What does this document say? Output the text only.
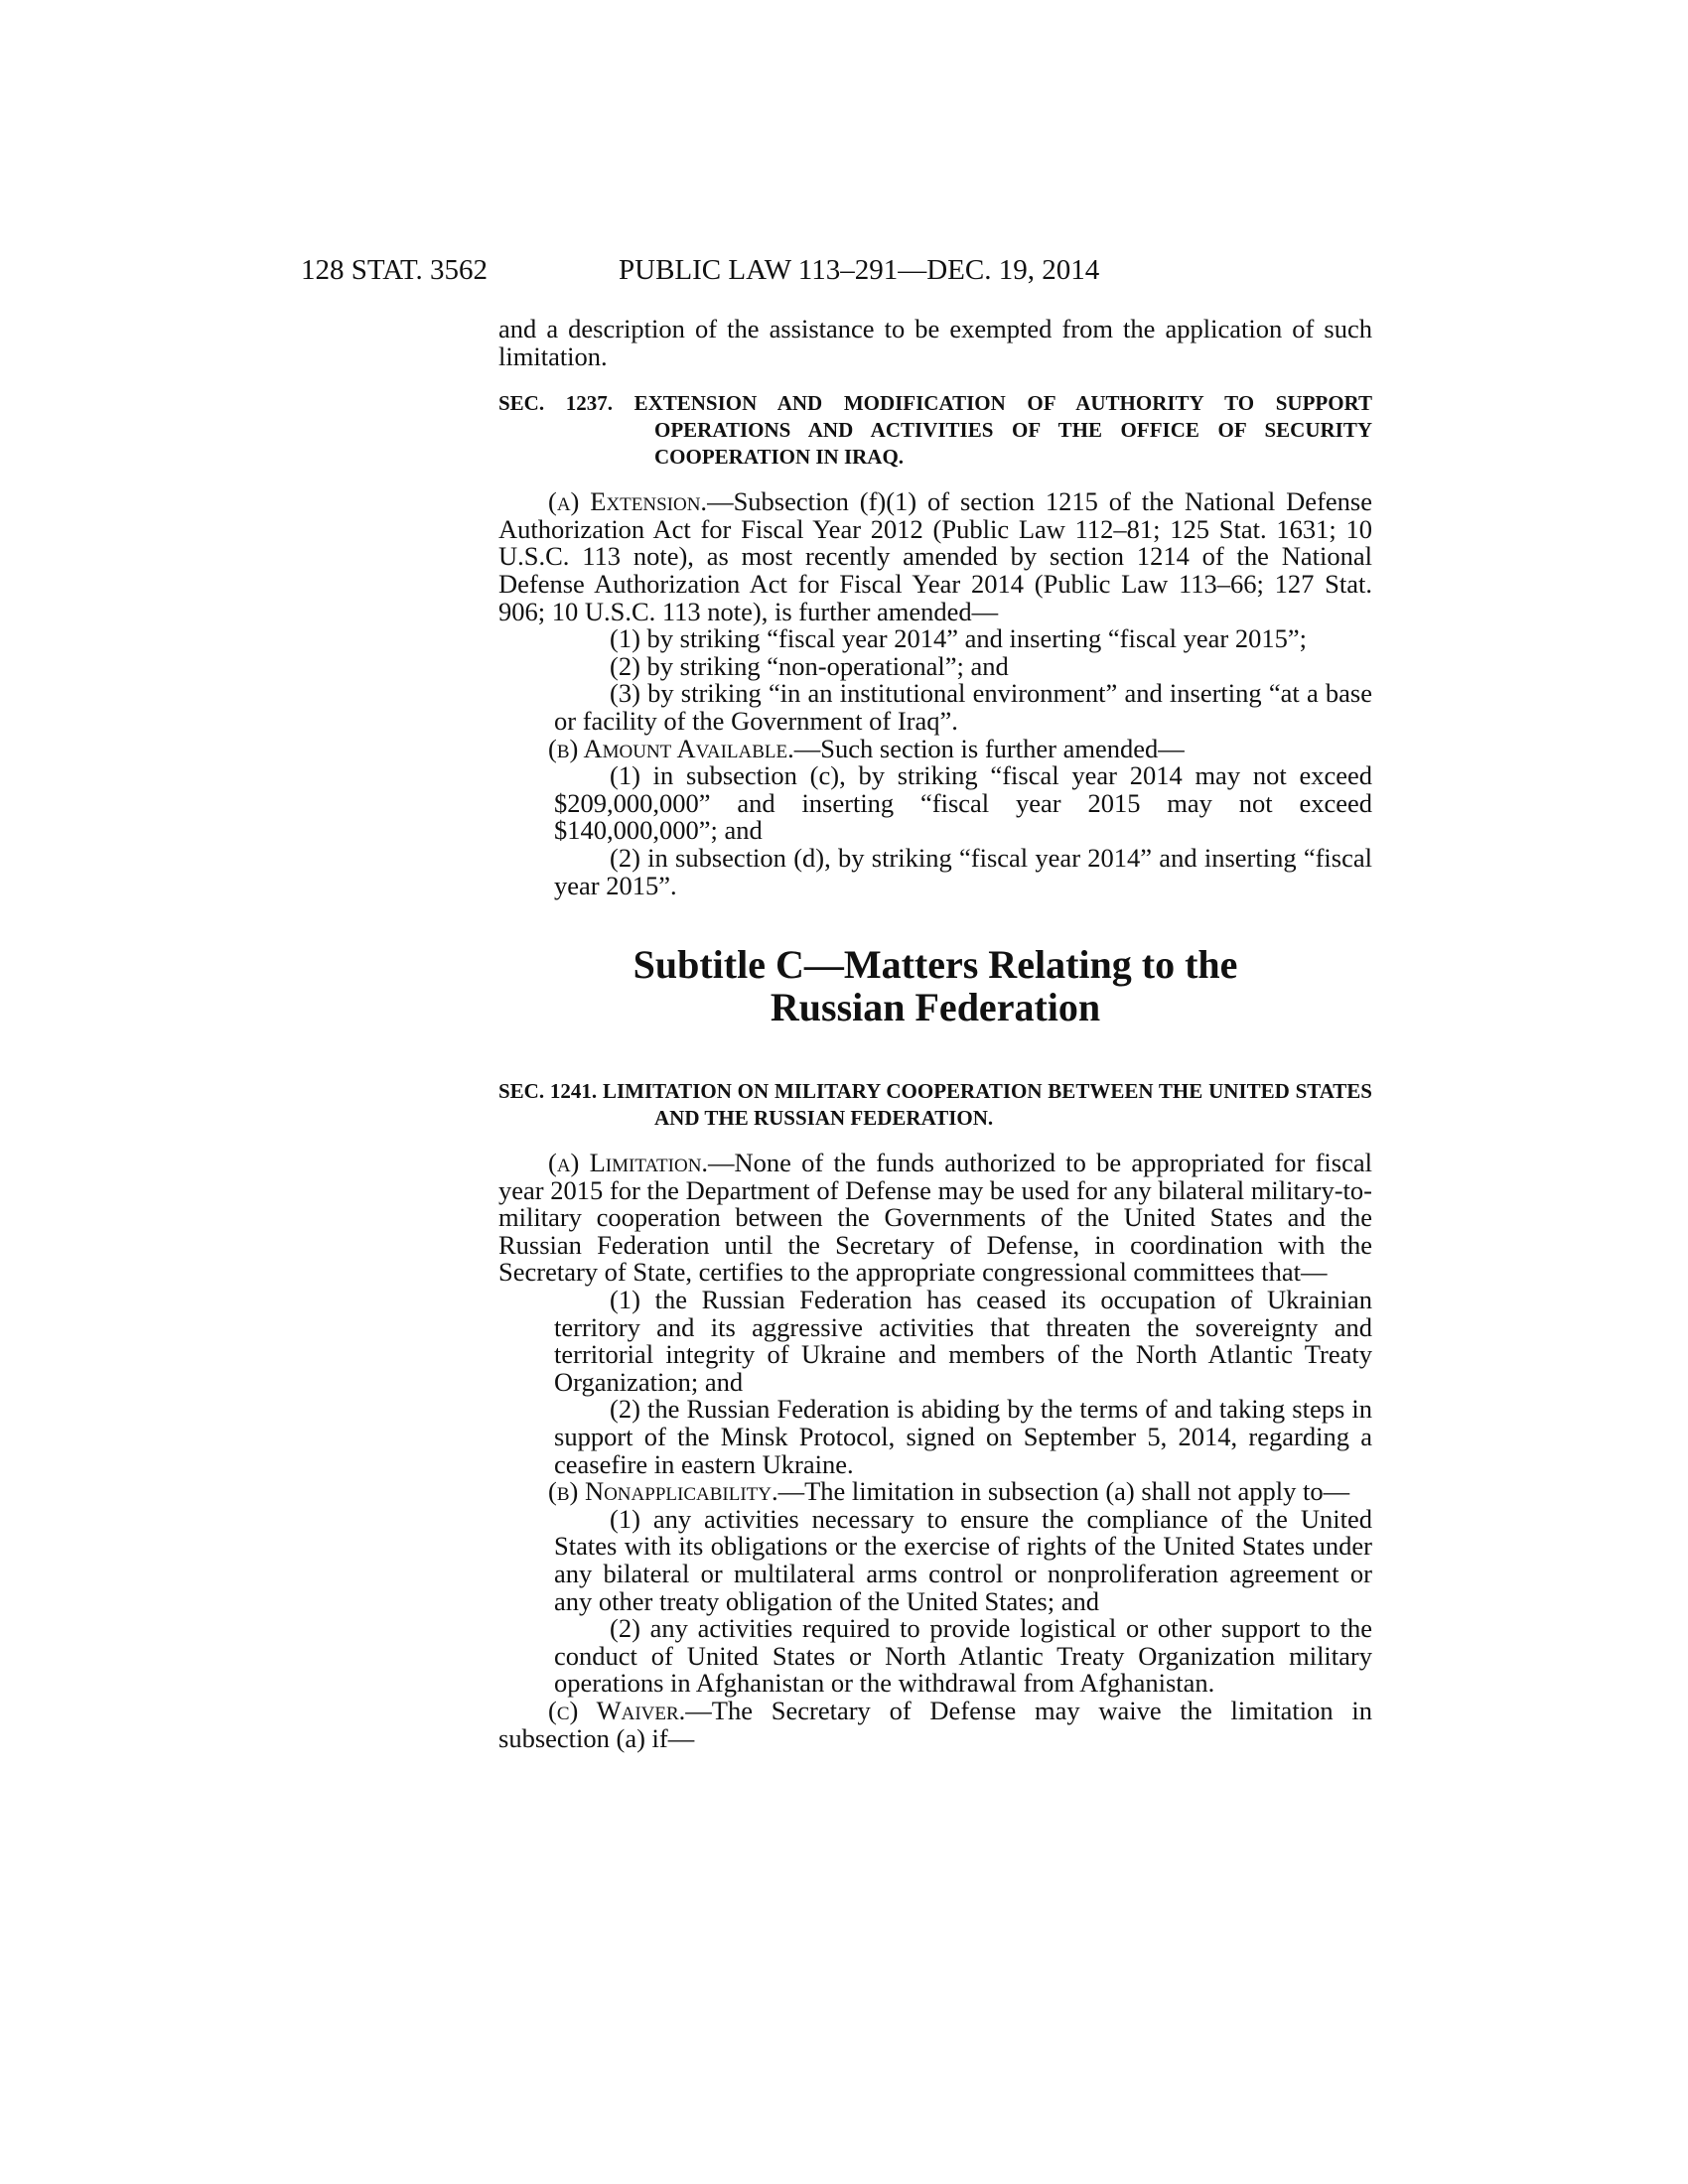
128 STAT. 3562	PUBLIC LAW 113–291—DEC. 19, 2014

and a description of the assistance to be exempted from the application of such limitation.

SEC. 1237. EXTENSION AND MODIFICATION OF AUTHORITY TO SUPPORT OPERATIONS AND ACTIVITIES OF THE OFFICE OF SECURITY COOPERATION IN IRAQ.

(a) Extension.—Subsection (f)(1) of section 1215 of the National Defense Authorization Act for Fiscal Year 2012 (Public Law 112–81; 125 Stat. 1631; 10 U.S.C. 113 note), as most recently amended by section 1214 of the National Defense Authorization Act for Fiscal Year 2014 (Public Law 113–66; 127 Stat. 906; 10 U.S.C. 113 note), is further amended—

(1) by striking “fiscal year 2014” and inserting “fiscal year 2015”;

(2) by striking “non-operational”; and

(3) by striking “in an institutional environment” and inserting “at a base or facility of the Government of Iraq”.

(b) Amount Available.—Such section is further amended—

(1) in subsection (c), by striking “fiscal year 2014 may not exceed $209,000,000” and inserting “fiscal year 2015 may not exceed $140,000,000”; and

(2) in subsection (d), by striking “fiscal year 2014” and inserting “fiscal year 2015”.

Subtitle C—Matters Relating to the
Russian Federation

SEC. 1241. LIMITATION ON MILITARY COOPERATION BETWEEN THE UNITED STATES AND THE RUSSIAN FEDERATION.

(a) Limitation.—None of the funds authorized to be appropriated for fiscal year 2015 for the Department of Defense may be used for any bilateral military-to-military cooperation between the Governments of the United States and the Russian Federation until the Secretary of Defense, in coordination with the Secretary of State, certifies to the appropriate congressional committees that—

(1) the Russian Federation has ceased its occupation of Ukrainian territory and its aggressive activities that threaten the sovereignty and territorial integrity of Ukraine and members of the North Atlantic Treaty Organization; and

(2) the Russian Federation is abiding by the terms of and taking steps in support of the Minsk Protocol, signed on September 5, 2014, regarding a ceasefire in eastern Ukraine.

(b) Nonapplicability.—The limitation in subsection (a) shall not apply to—

(1) any activities necessary to ensure the compliance of the United States with its obligations or the exercise of rights of the United States under any bilateral or multilateral arms control or nonproliferation agreement or any other treaty obligation of the United States; and

(2) any activities required to provide logistical or other support to the conduct of United States or North Atlantic Treaty Organization military operations in Afghanistan or the withdrawal from Afghanistan.

(c) Waiver.—The Secretary of Defense may waive the limitation in subsection (a) if—
